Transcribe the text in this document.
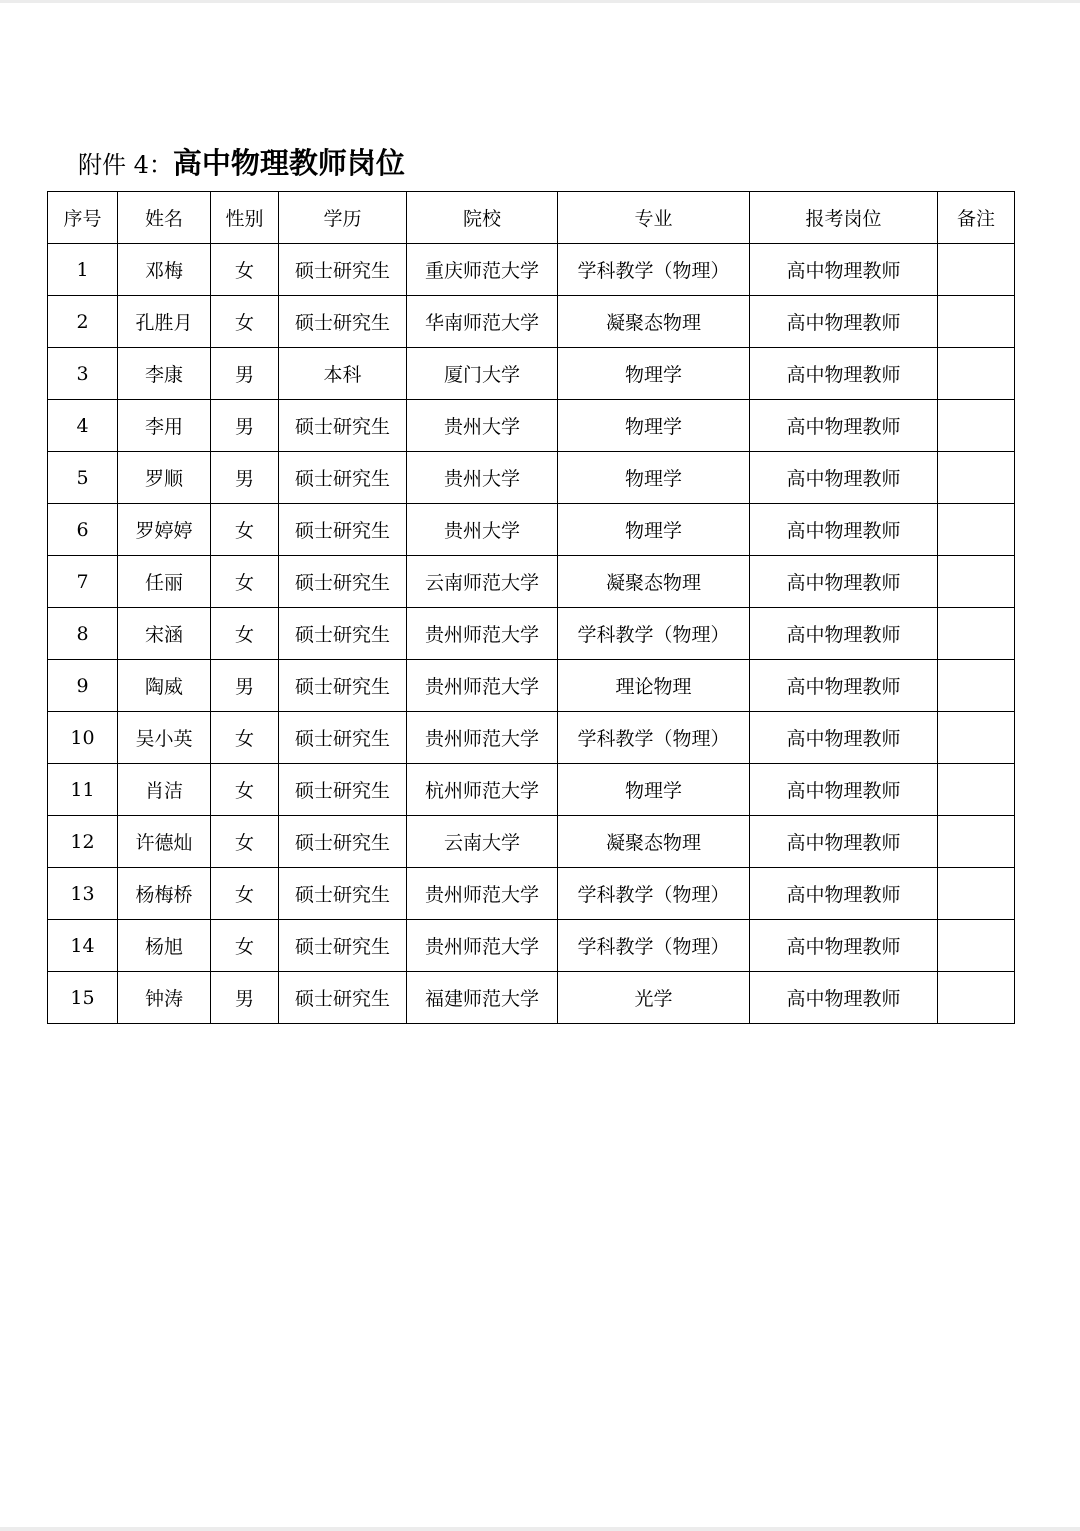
附件 4：高中物理教师岗位
序号	姓名	性别	学历	院校	专业	报考岗位	备注
1	邓梅	女	硕士研究生	重庆师范大学	学科教学（物理）	高中物理教师	
2	孔胜月	女	硕士研究生	华南师范大学	凝聚态物理	高中物理教师	
3	李康	男	本科	厦门大学	物理学	高中物理教师	
4	李用	男	硕士研究生	贵州大学	物理学	高中物理教师	
5	罗顺	男	硕士研究生	贵州大学	物理学	高中物理教师	
6	罗婷婷	女	硕士研究生	贵州大学	物理学	高中物理教师	
7	任丽	女	硕士研究生	云南师范大学	凝聚态物理	高中物理教师	
8	宋涵	女	硕士研究生	贵州师范大学	学科教学（物理）	高中物理教师	
9	陶威	男	硕士研究生	贵州师范大学	理论物理	高中物理教师	
10	吴小英	女	硕士研究生	贵州师范大学	学科教学（物理）	高中物理教师	
11	肖洁	女	硕士研究生	杭州师范大学	物理学	高中物理教师	
12	许德灿	女	硕士研究生	云南大学	凝聚态物理	高中物理教师	
13	杨梅桥	女	硕士研究生	贵州师范大学	学科教学（物理）	高中物理教师	
14	杨旭	女	硕士研究生	贵州师范大学	学科教学（物理）	高中物理教师	
15	钟涛	男	硕士研究生	福建师范大学	光学	高中物理教师	
